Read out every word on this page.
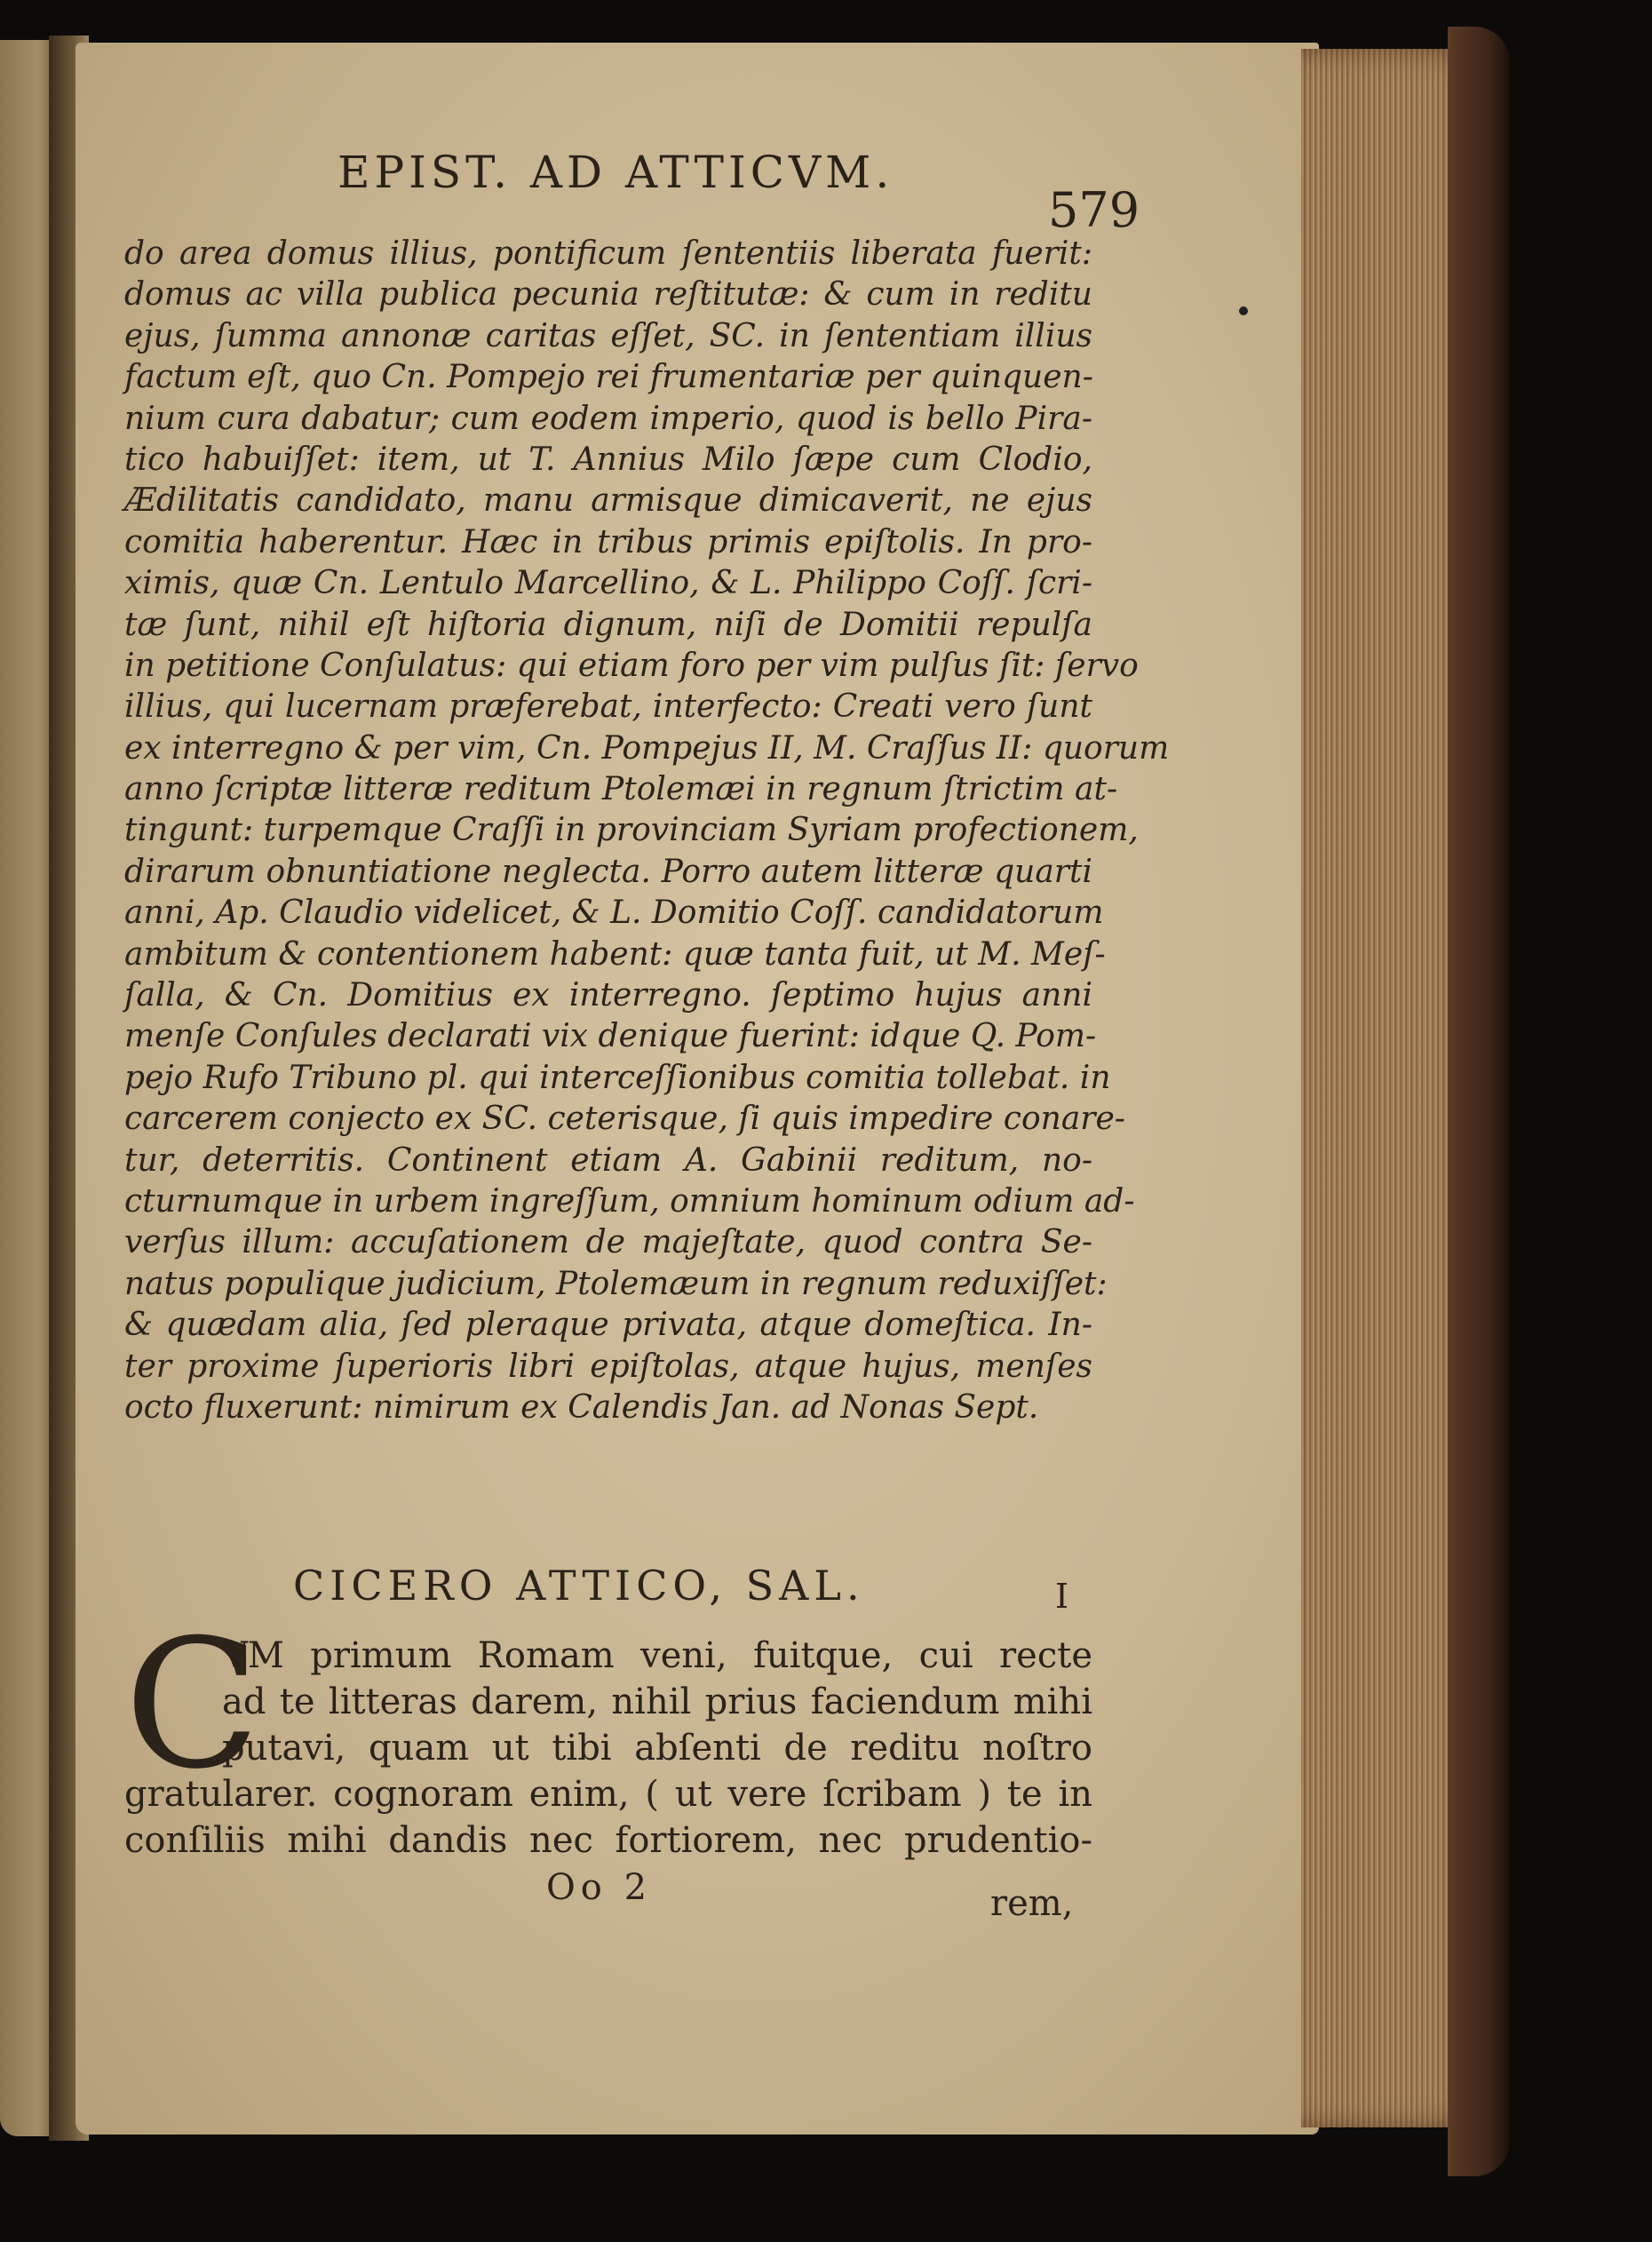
EPIST. AD ATTICVM.
579
do area domus illius, pontificum ſententiis liberata fuerit:
domus ac villa publica pecunia reſtitutæ: & cum in reditu
ejus, ſumma annonæ caritas eſſet, SC. in ſententiam illius
factum eſt, quo Cn. Pompejo rei frumentariæ per quinquen-
nium cura dabatur; cum eodem imperio, quod is bello Pira-
tico habuiſſet: item, ut T. Annius Milo ſæpe cum Clodio,
Ædilitatis candidato, manu armisque dimicaverit, ne ejus
comitia haberentur. Hæc in tribus primis epiſtolis. In pro-
ximis, quæ Cn. Lentulo Marcellino, & L. Philippo Coſſ. ſcri-
tæ ſunt, nihil eſt hiſtoria dignum, niſi de Domitii repulſa
in petitione Conſulatus: qui etiam foro per vim pulſus ſit: ſervo
illius, qui lucernam præferebat, interfecto: Creati vero ſunt
ex interregno & per vim, Cn. Pompejus II, M. Craſſus II: quorum
anno ſcriptæ litteræ reditum Ptolemæi in regnum ſtrictim at-
tingunt: turpemque Craſſi in provinciam Syriam profectionem,
dirarum obnuntiatione neglecta. Porro autem litteræ quarti
anni, Ap. Claudio videlicet, & L. Domitio Coſſ. candidatorum
ambitum & contentionem habent: quæ tanta fuit, ut M. Meſ-
ſalla, & Cn. Domitius ex interregno. ſeptimo hujus anni
menſe Conſules declarati vix denique fuerint: idque Q. Pom-
pejo Rufo Tribuno pl. qui interceſſionibus comitia tollebat. in
carcerem conjecto ex SC. ceterisque, ſi quis impedire conare-
tur, deterritis. Continent etiam A. Gabinii reditum, no-
cturnumque in urbem ingreſſum, omnium hominum odium ad-
verſus illum: accuſationem de majeſtate, quod contra Se-
natus populique judicium, Ptolemæum in regnum reduxiſſet:
& quædam alia, ſed pleraque privata, atque domeſtica. In-
ter proxime ſuperioris libri epiſtolas, atque hujus, menſes
octo fluxerunt: nimirum ex Calendis Jan. ad Nonas Sept.
CICERO ATTICO, SAL.	I
C
VM primum Romam veni, fuitque, cui recte
ad te litteras darem, nihil prius faciendum mihi
putavi, quam ut tibi abſenti de reditu noſtro
gratularer. cognoram enim, ( ut vere ſcribam ) te in
conſiliis mihi dandis nec fortiorem, nec prudentio-
Oo 2	rem,
